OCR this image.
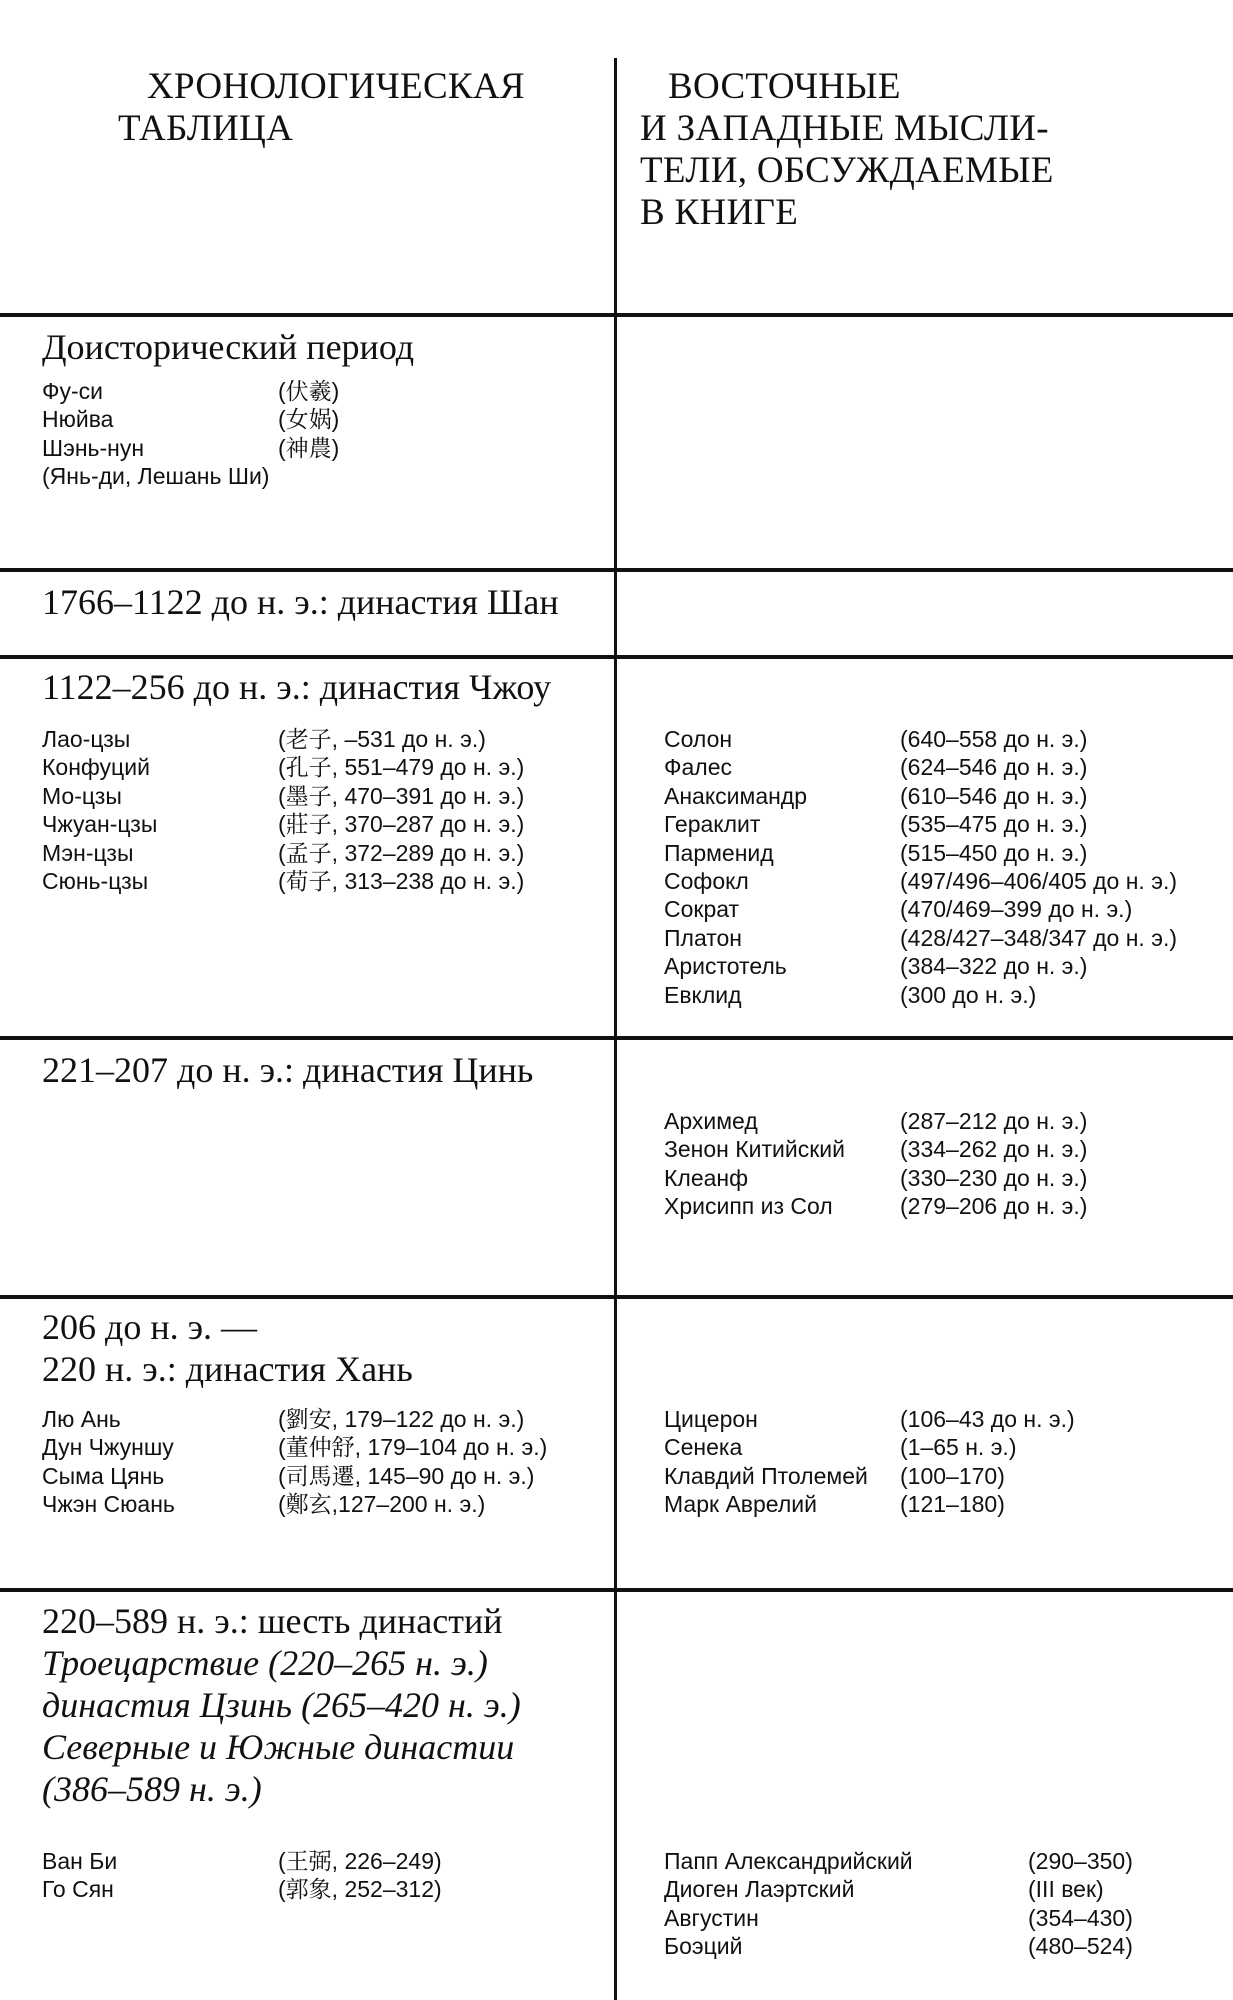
ХРОНОЛОГИЧЕСКАЯ
ТАБЛИЦА
ВОСТОЧНЫЕ
И ЗАПАДНЫЕ МЫСЛИ-
ТЕЛИ, ОБСУЖДАЕМЫЕ
В КНИГЕ
Доисторический период
Фу-си	(伏羲)
Нюйва	(女娲)
Шэнь-нун	(神農)
(Янь-ди, Лешань Ши)
1766–1122 до н. э.: династия Шан
1122–256 до н. э.: династия Чжоу
Лао-цзы	(老子, –531 до н. э.)
Конфуций	(孔子, 551–479 до н. э.)
Мо-цзы	(墨子, 470–391 до н. э.)
Чжуан-цзы	(莊子, 370–287 до н. э.)
Мэн-цзы	(孟子, 372–289 до н. э.)
Сюнь-цзы	(荀子, 313–238 до н. э.)
Солон	(640–558 до н. э.)
Фалес	(624–546 до н. э.)
Анаксимандр	(610–546 до н. э.)
Гераклит	(535–475 до н. э.)
Парменид	(515–450 до н. э.)
Софокл	(497/496–406/405 до н. э.)
Сократ	(470/469–399 до н. э.)
Платон	(428/427–348/347 до н. э.)
Аристотель	(384–322 до н. э.)
Евклид	(300 до н. э.)
221–207 до н. э.: династия Цинь
Архимед	(287–212 до н. э.)
Зенон Китийский	(334–262 до н. э.)
Клеанф	(330–230 до н. э.)
Хрисипп из Сол	(279–206 до н. э.)
206 до н. э. —
220 н. э.: династия Хань
Лю Ань	(劉安, 179–122 до н. э.)
Дун Чжуншу	(董仲舒, 179–104 до н. э.)
Сыма Цянь	(司馬遷, 145–90 до н. э.)
Чжэн Сюань	(鄭玄,127–200 н. э.)
Цицерон	(106–43 до н. э.)
Сенека	(1–65 н. э.)
Клавдий Птолемей	(100–170)
Марк Аврелий	(121–180)
220–589 н. э.: шесть династий
Троецарствие (220–265 н. э.)
династия Цзинь (265–420 н. э.)
Северные и Южные династии
(386–589 н. э.)
Ван Би	(王弼, 226–249)
Го Сян	(郭象, 252–312)
Папп Александрийский	(290–350)
Диоген Лаэртский	(III век)
Августин	(354–430)
Боэций	(480–524)
